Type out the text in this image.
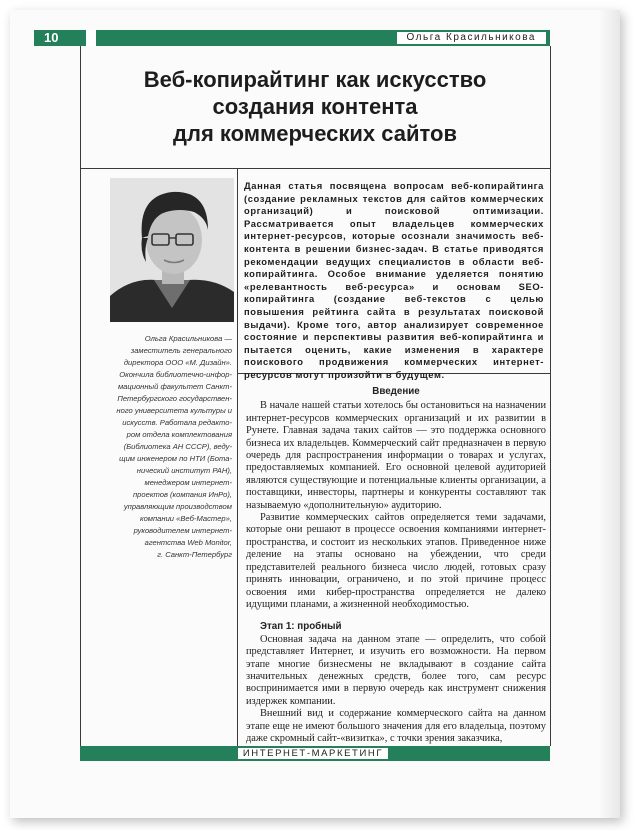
10	Ольга Красильникова
Веб-копирайтинг как искусство
создания контента
для коммерческих сайтов
Ольга Красильникова —
заместитель генерального
директора ООО «М. Дизайн».
Окончила библиотечно-инфор-
мационный факультет Санкт-
Петербургского государствен-
ного университета культуры и
искусств. Работала редакто-
ром отдела комплектования
(Библиотека АН СССР), веду-
щим инженером по НТИ (Бота-
нический институт РАН),
менеджером интернет-
проектов (компания ИнРо),
управляющим производством
компании «Веб-Мастер»,
руководителем интернет-
агентства Web Monitor,
г. Санкт-Петербург
Данная статья посвящена вопросам веб-копирайтинга (создание рекламных текстов для сайтов коммерческих организаций) и поисковой оптимизации. Рассматривается опыт владельцев коммерческих интернет-ресурсов, которые осознали значимость веб-контента в решении бизнес-задач. В статье приводятся рекомендации ведущих специалистов в области веб-копирайтинга. Особое внимание уделяется понятию «релевантность веб-ресурса» и основам SEO-копирайтинга (создание веб-текстов с целью повышения рейтинга сайта в результатах поисковой выдачи). Кроме того, автор анализирует современное состояние и перспективы развития веб-копирайтинга и пытается оценить, какие изменения в характере поискового продвижения коммерческих интернет-ресурсов могут произойти в будущем.
Введение

В начале нашей статьи хотелось бы остановиться на назначении интернет-ресурсов коммерческих организаций и их развитии в Рунете. Главная задача таких сайтов — это поддержка основного бизнеса их владельцев. Коммерческий сайт предназначен в первую очередь для распространения информации о товарах и услугах, предоставляемых компанией. Его основной целевой аудиторией являются существующие и потенциальные клиенты организации, а поставщики, инвесторы, партнеры и конкуренты составляют так называемую «дополнительную» аудиторию.

Развитие коммерческих сайтов определяется теми задачами, которые они решают в процессе освоения компаниями интернет-пространства, и состоит из нескольких этапов. Приведенное ниже деление на этапы основано на убеждении, что среди представителей реального бизнеса число людей, готовых сразу принять инновации, ограничено, и по этой причине процесс освоения ими кибер-пространства определяется не далеко идущими планами, а жизненной необходимостью.

Этап 1: пробный

Основная задача на данном этапе — определить, что собой представляет Интернет, и изучить его возможности. На первом этапе многие бизнесмены не вкладывают в создание сайта значительных денежных средств, более того, сам ресурс воспринимается ими в первую очередь как инструмент снижения издержек компании.

Внешний вид и содержание коммерческого сайта на данном этапе еще не имеют большого значения для его владельца, поэтому даже скромный сайт-«визитка», с точки зрения заказчика,

ИНТЕРНЕТ-МАРКЕТИНГ
